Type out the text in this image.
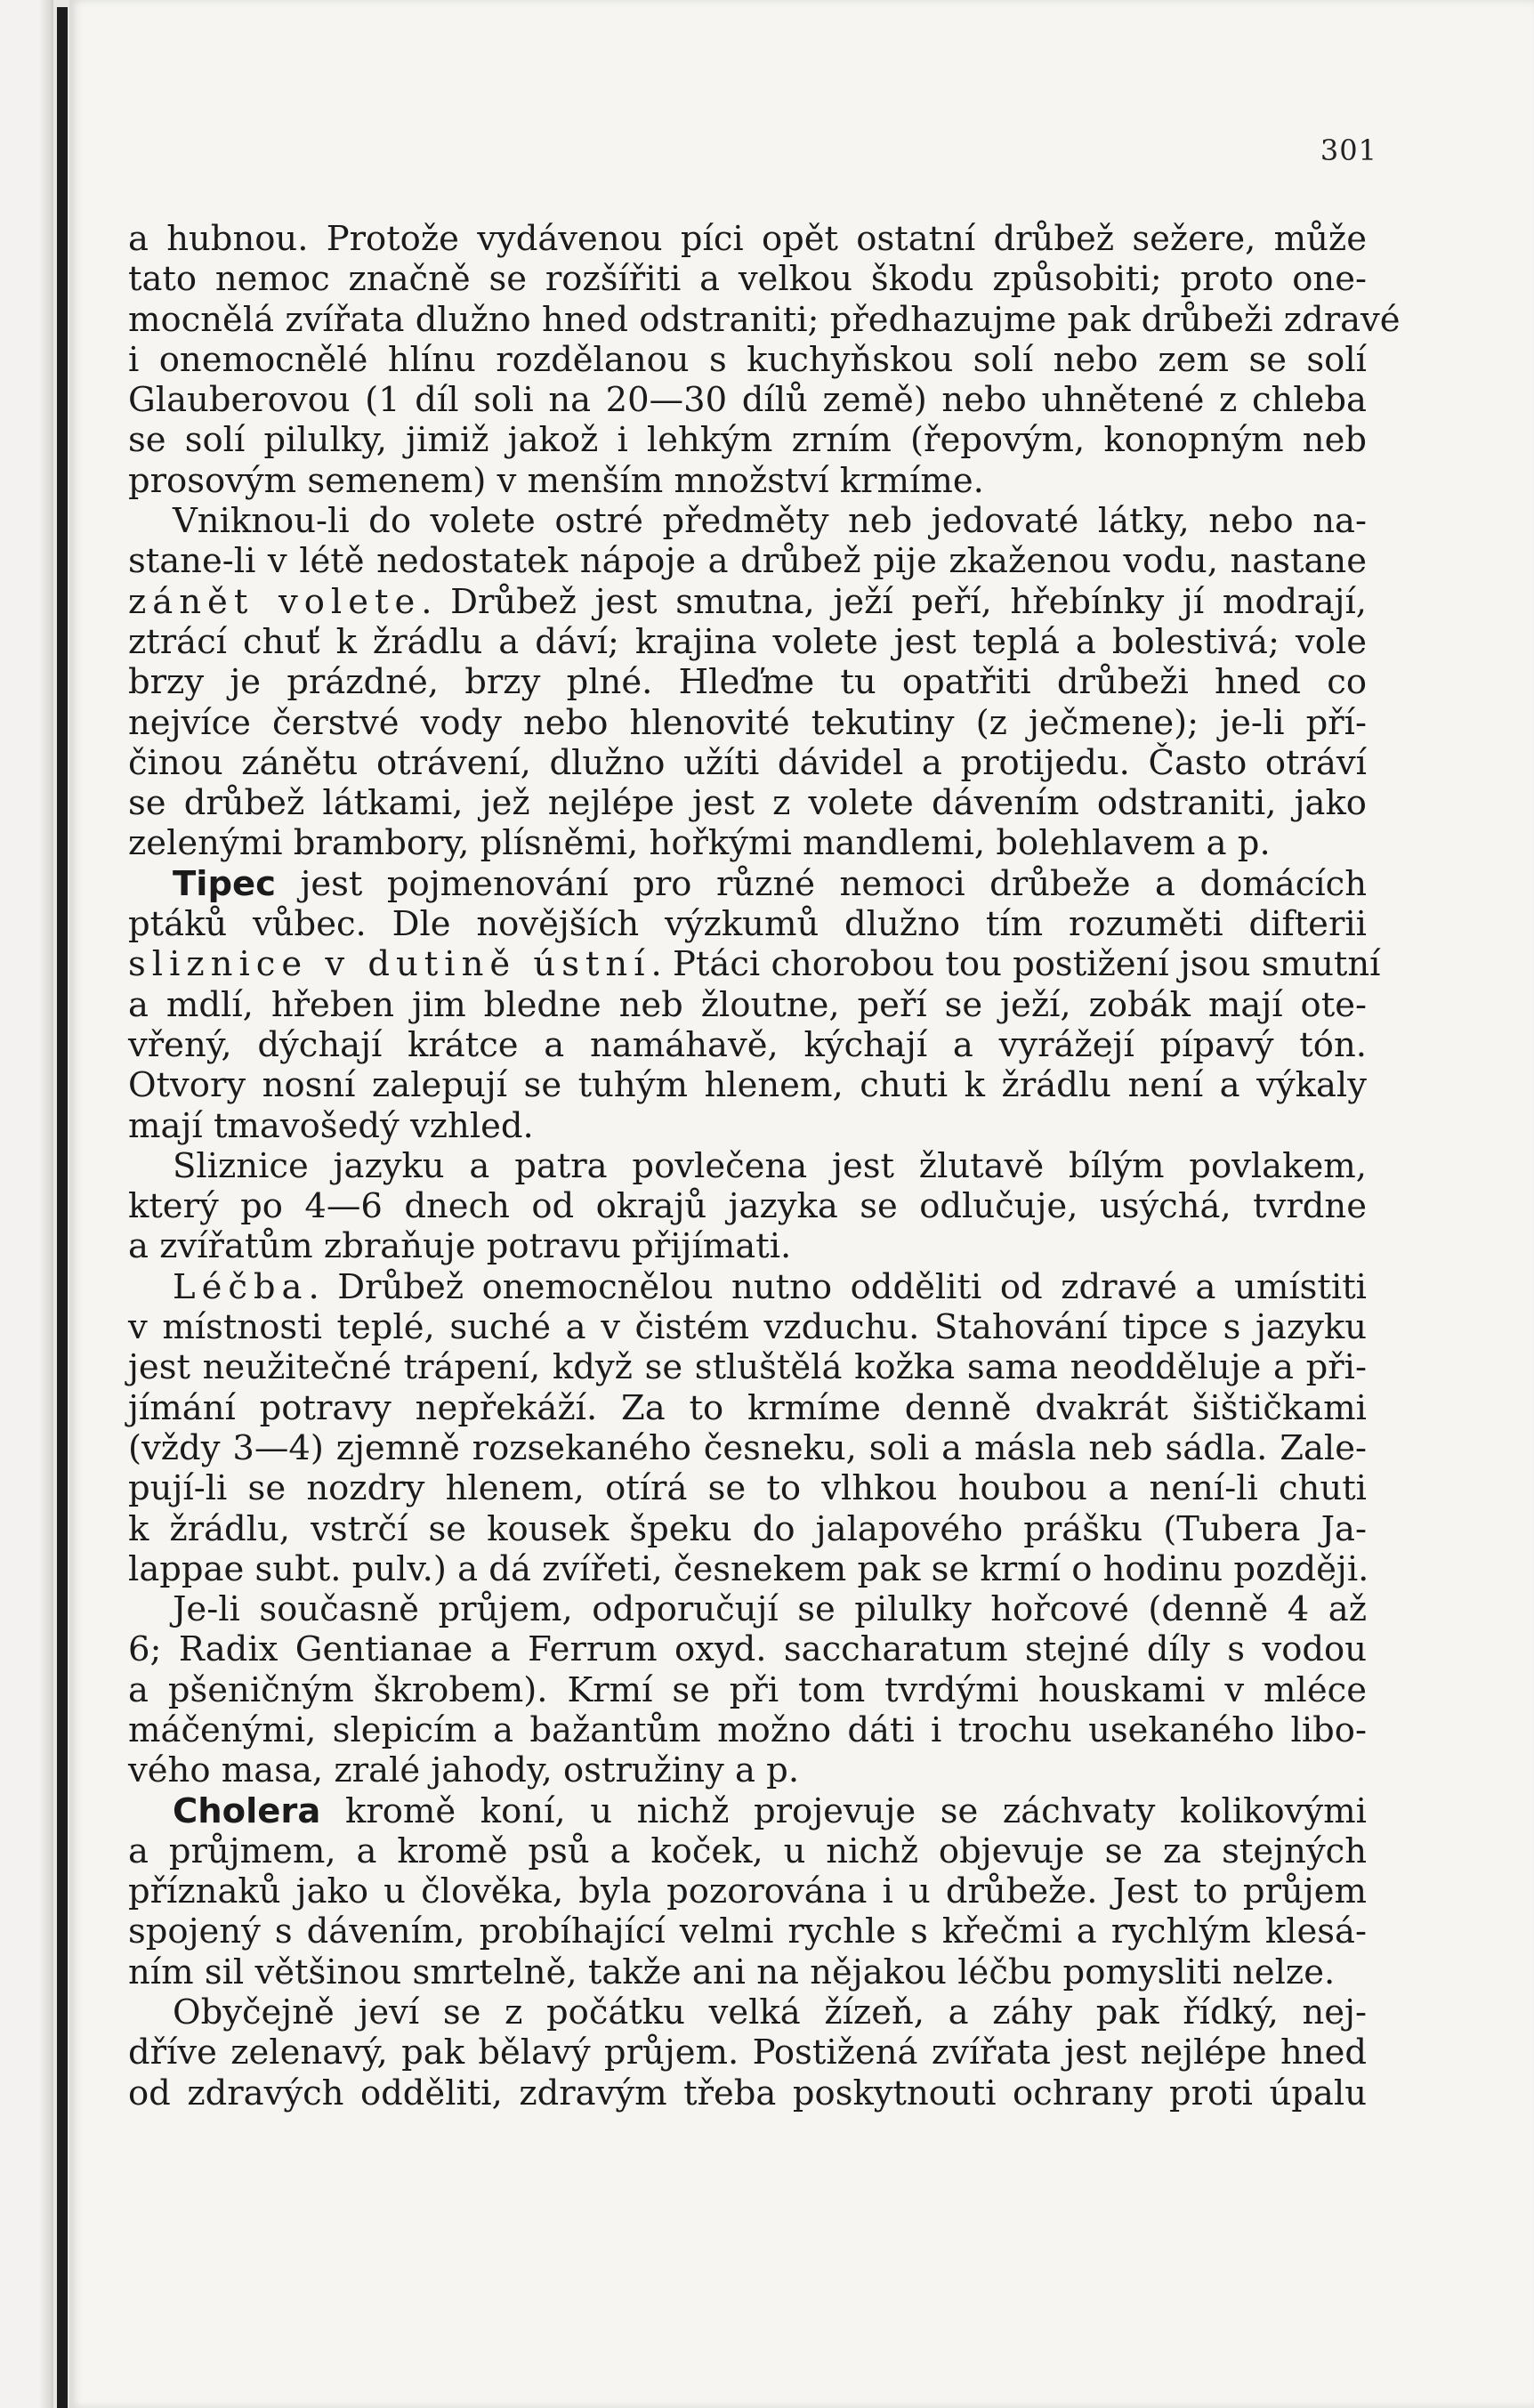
301
a hubnou. Protože vydávenou píci opět ostatní drůbež sežere, může
tato nemoc značně se rozšířiti a velkou škodu způsobiti; proto one-
mocnělá zvířata dlužno hned odstraniti; předhazujme pak drůbeži zdravé
i onemocnělé hlínu rozdělanou s kuchyňskou solí nebo zem se solí
Glauberovou (1 díl soli na 20—30 dílů země) nebo uhnětené z chleba
se solí pilulky, jimiž jakož i lehkým zrním (řepovým, konopným neb
prosovým semenem) v menším množství krmíme.
Vniknou-li do volete ostré předměty neb jedovaté látky, nebo na-
stane-li v létě nedostatek nápoje a drůbež pije zkaženou vodu, nastane
zánět volete. Drůbež jest smutna, ježí peří, hřebínky jí modrají,
ztrácí chuť k žrádlu a dáví; krajina volete jest teplá a bolestivá; vole
brzy je prázdné, brzy plné. Hleďme tu opatřiti drůbeži hned co
nejvíce čerstvé vody nebo hlenovité tekutiny (z ječmene); je-li pří-
činou zánětu otrávení, dlužno užíti dávidel a protijedu. Často otráví
se drůbež látkami, jež nejlépe jest z volete dávením odstraniti, jako
zelenými brambory, plísněmi, hořkými mandlemi, bolehlavem a p.
Tipec jest pojmenování pro různé nemoci drůbeže a domácích
ptáků vůbec. Dle novějších výzkumů dlužno tím rozuměti difterii
sliznice v dutině ústní. Ptáci chorobou tou postižení jsou smutní
a mdlí, hřeben jim bledne neb žloutne, peří se ježí, zobák mají ote-
vřený, dýchají krátce a namáhavě, kýchají a vyrážejí pípavý tón.
Otvory nosní zalepují se tuhým hlenem, chuti k žrádlu není a výkaly
mají tmavošedý vzhled.
Sliznice jazyku a patra povlečena jest žlutavě bílým povlakem,
který po 4—6 dnech od okrajů jazyka se odlučuje, usýchá, tvrdne
a zvířatům zbraňuje potravu přijímati.
Léčba. Drůbež onemocnělou nutno odděliti od zdravé a umístiti
v místnosti teplé, suché a v čistém vzduchu. Stahování tipce s jazyku
jest neužitečné trápení, když se stluštělá kožka sama neodděluje a při-
jímání potravy nepřekáží. Za to krmíme denně dvakrát šištičkami
(vždy 3—4) zjemně rozsekaného česneku, soli a másla neb sádla. Zale-
pují-li se nozdry hlenem, otírá se to vlhkou houbou a není-li chuti
k žrádlu, vstrčí se kousek špeku do jalapového prášku (Tubera Ja-
lappae subt. pulv.) a dá zvířeti, česnekem pak se krmí o hodinu později.
Je-li současně průjem, odporučují se pilulky hořcové (denně 4 až
6; Radix Gentianae a Ferrum oxyd. saccharatum stejné díly s vodou
a pšeničným škrobem). Krmí se při tom tvrdými houskami v mléce
máčenými, slepicím a bažantům možno dáti i trochu usekaného libo-
vého masa, zralé jahody, ostružiny a p.
Cholera kromě koní, u nichž projevuje se záchvaty kolikovými
a průjmem, a kromě psů a koček, u nichž objevuje se za stejných
příznaků jako u člověka, byla pozorována i u drůbeže. Jest to průjem
spojený s dávením, probíhající velmi rychle s křečmi a rychlým klesá-
ním sil většinou smrtelně, takže ani na nějakou léčbu pomysliti nelze.
Obyčejně jeví se z počátku velká žízeň, a záhy pak řídký, nej-
dříve zelenavý, pak bělavý průjem. Postižená zvířata jest nejlépe hned
od zdravých odděliti, zdravým třeba poskytnouti ochrany proti úpalu
